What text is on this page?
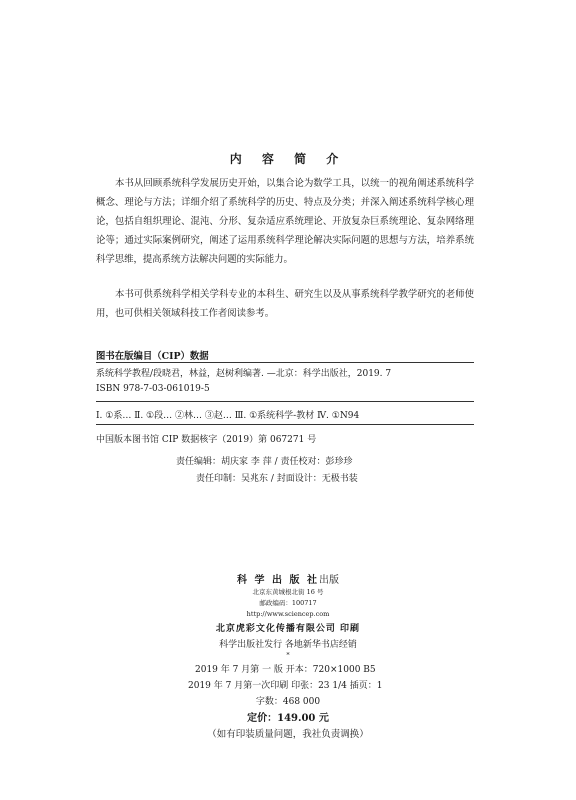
内 容 简 介
本书从回顾系统科学发展历史开始，以集合论为数学工具，以统一的视角阐述系统科学概念、理论与方法；详细介绍了系统科学的历史、特点及分类；并深入阐述系统科学核心理论，包括自组织理论、混沌、分形、复杂适应系统理论、开放复杂巨系统理论、复杂网络理论等；通过实际案例研究，阐述了运用系统科学理论解决实际问题的思想与方法，培养系统科学思维，提高系统方法解决问题的实际能力。
本书可供系统科学相关学科专业的本科生、研究生以及从事系统科学教学研究的老师使用，也可供相关领域科技工作者阅读参考。
图书在版编目（CIP）数据
系统科学教程/段晓君，林益，赵树利编著. —北京：科学出版社，2019. 7
ISBN 978-7-03-061019-5
Ⅰ. ①系… Ⅱ. ①段… ②林… ③赵… Ⅲ. ①系统科学-教材 Ⅳ. ①N94
中国版本图书馆 CIP 数据核字（2019）第 067271 号
责任编辑：胡庆家 李 萍 / 责任校对：彭珍珍
责任印制：吴兆东 / 封面设计：无极书装
科 学 出 版 社出版
北京东黄城根北街 16 号
邮政编码：100717
http://www.sciencep.com
北京虎彩文化传播有限公司 印刷
科学出版社发行 各地新华书店经销
*
2019 年 7 月第 一 版 开本：720×1000 B5
2019 年 7 月第一次印刷 印张：23 1/4 插页：1
字数：468 000
定价：149.00 元
（如有印装质量问题，我社负责调换）
